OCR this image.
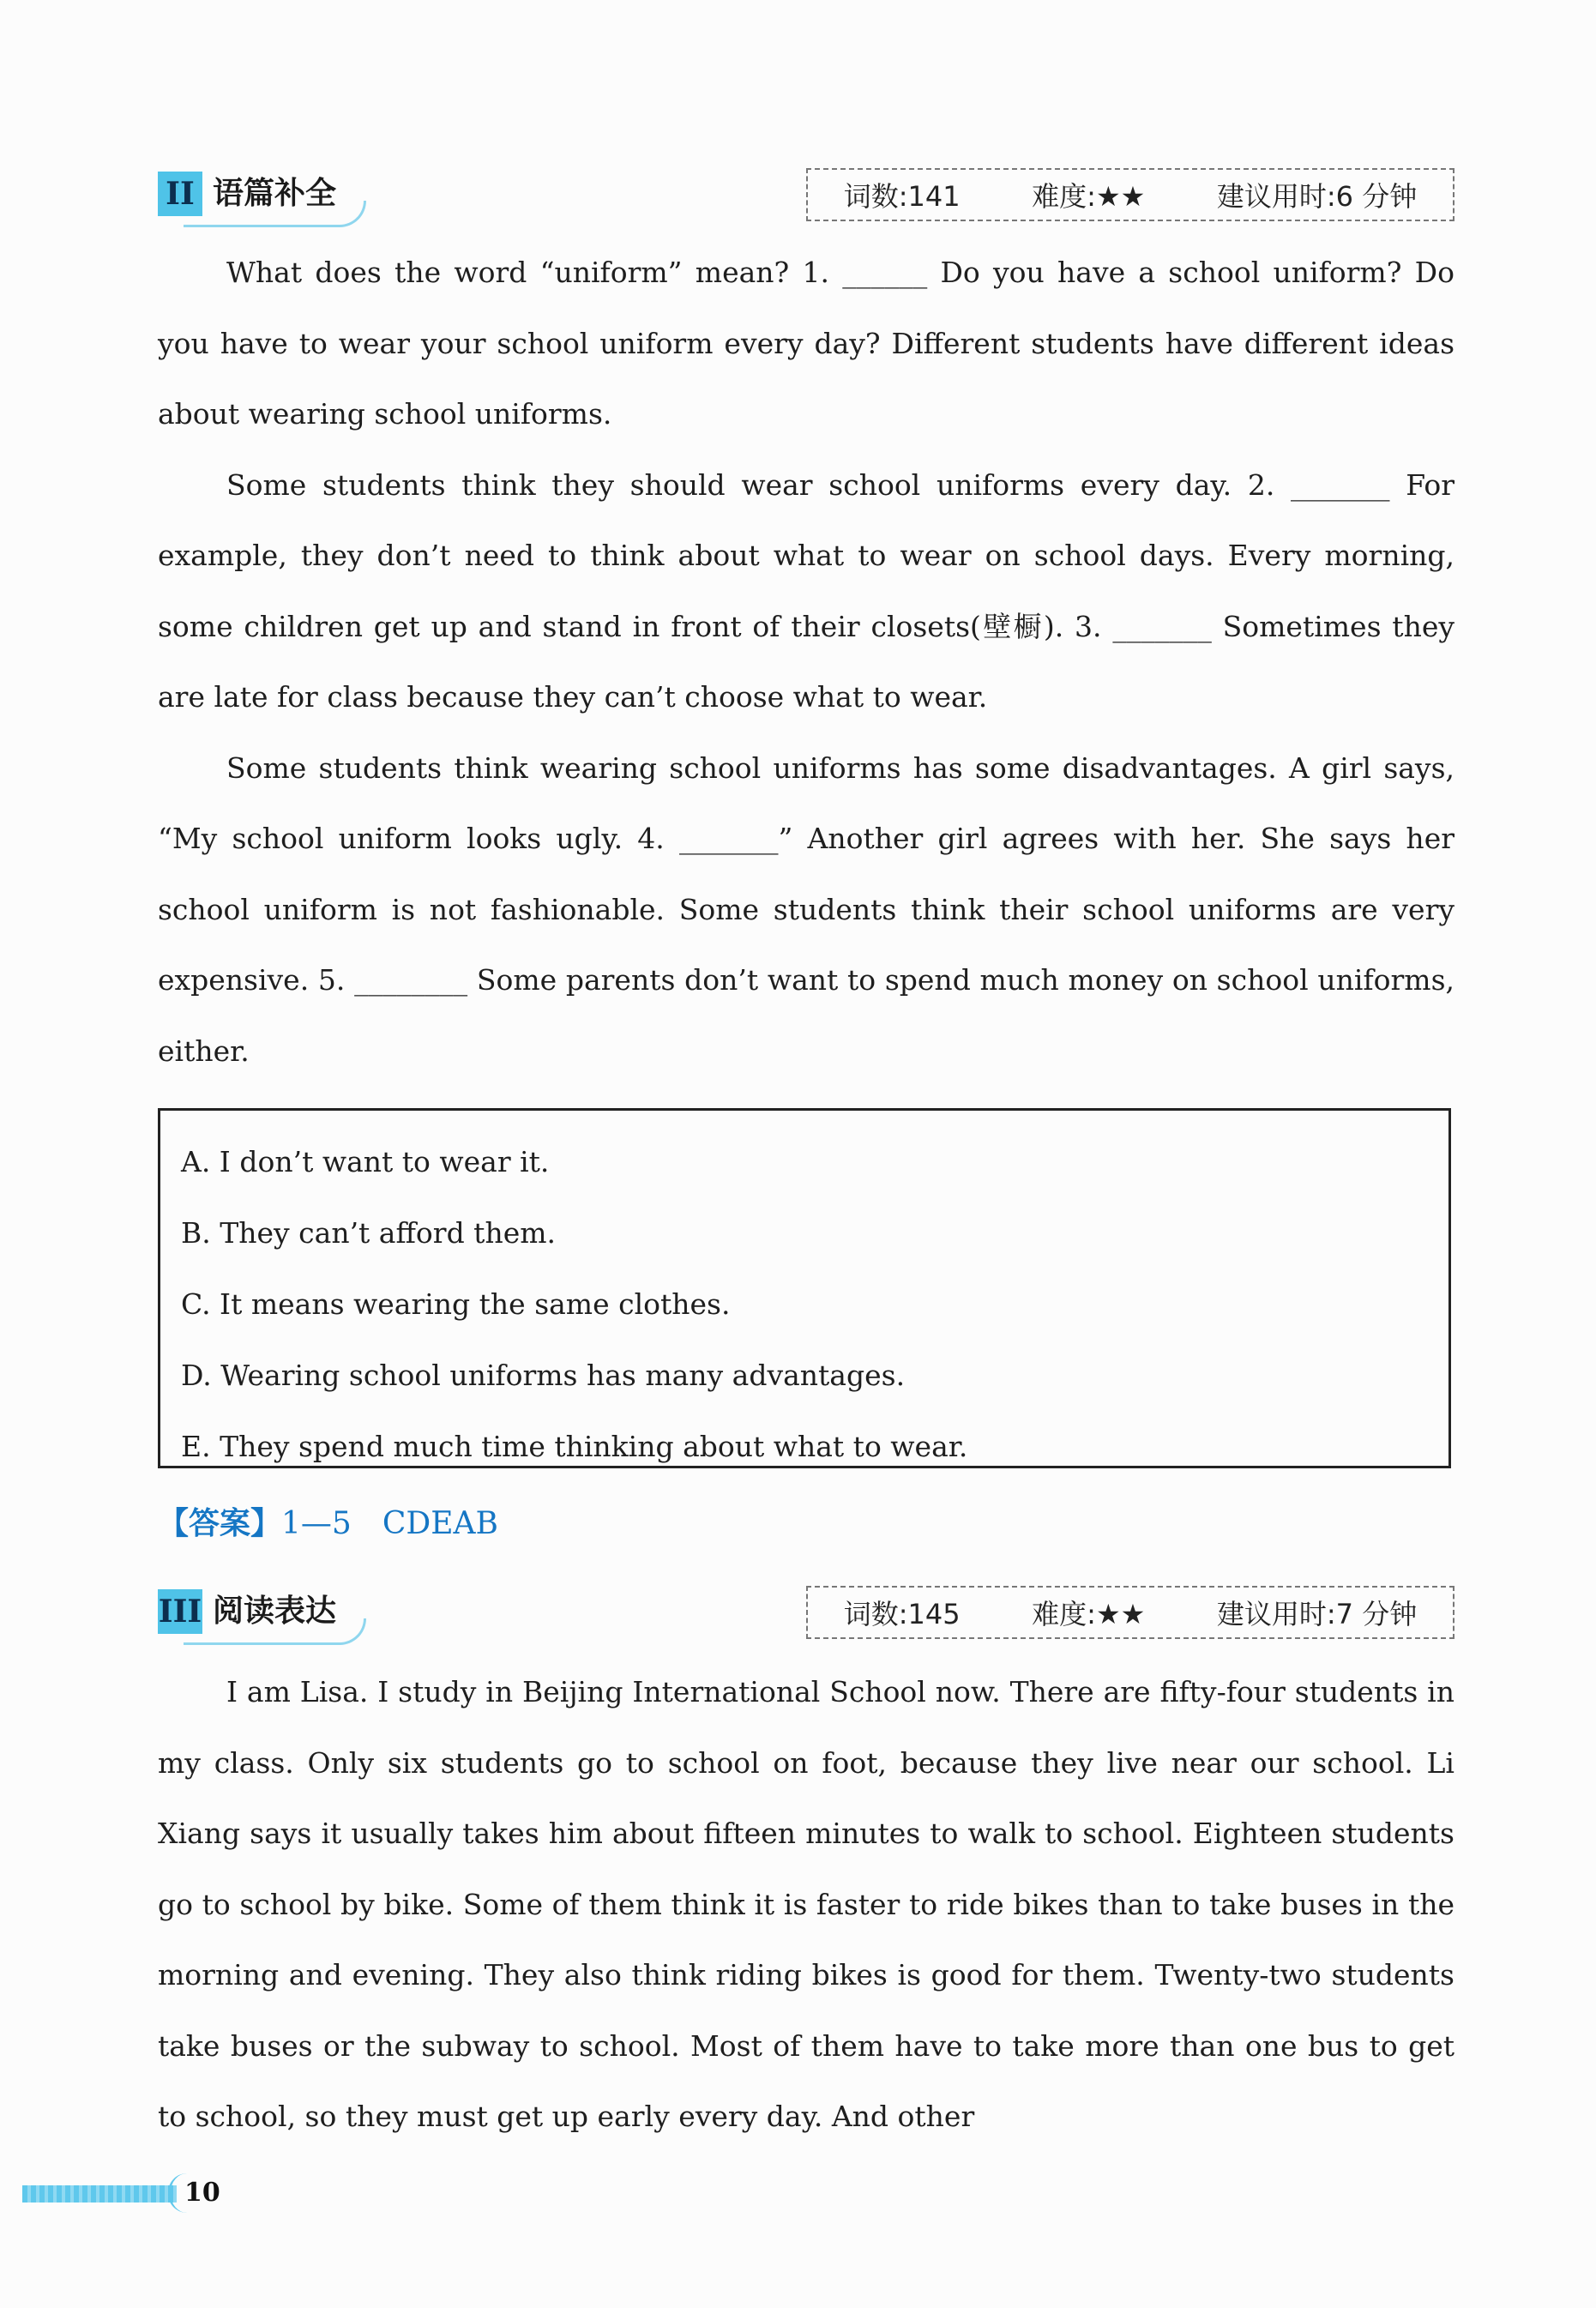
II 语篇补全	词数:141	难度:★★	建议用时:6 分钟

What does the word “uniform” mean? 1. ______ Do you have a school uniform? Do you have to wear your school uniform every day? Different students have different ideas about wearing school uniforms.

Some students think they should wear school uniforms every day. 2. _______ For example, they don’t need to think about what to wear on school days. Every morning, some children get up and stand in front of their closets(壁橱). 3. _______ Sometimes they are late for class because they can’t choose what to wear.

Some students think wearing school uniforms has some disadvantages. A girl says, “My school uniform looks ugly. 4. _______” Another girl agrees with her. She says her school uniform is not fashionable. Some students think their school uniforms are very expensive. 5. ________ Some parents don’t want to spend much money on school uniforms, either.

A. I don’t want to wear it.
B. They can’t afford them.
C. It means wearing the same clothes.
D. Wearing school uniforms has many advantages.
E. They spend much time thinking about what to wear.
【答案】1—5　CDEAB
III 阅读表达	词数:145	难度:★★	建议用时:7 分钟

I am Lisa. I study in Beijing International School now. There are fifty-four students in my class. Only six students go to school on foot, because they live near our school. Li Xiang says it usually takes him about fifteen minutes to walk to school. Eighteen students go to school by bike. Some of them think it is faster to ride bikes than to take buses in the morning and evening. They also think riding bikes is good for them. Twenty-two students take buses or the subway to school. Most of them have to take more than one bus to get to school, so they must get up early every day. And other

10
